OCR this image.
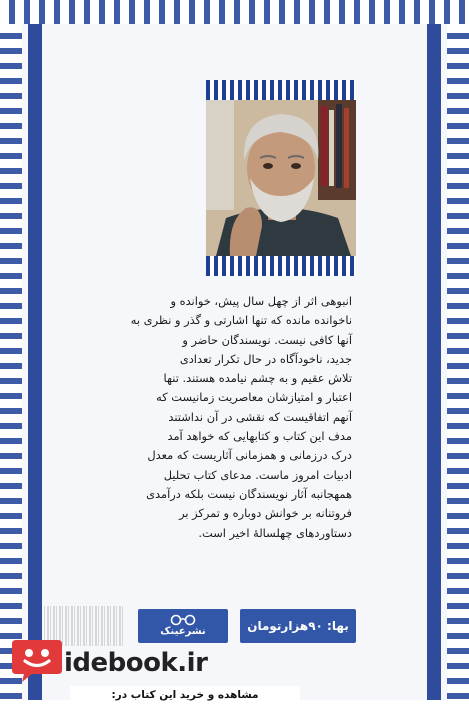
انبوهی اثر از چهل سال پیش، خوانده و
ناخوانده مانده که تنها اشارتی و گذر و نظری به
آنها کافی نیست. نویسندگان حاضر و
جدید، ناخودآگاه در حال تکرار تعدادی
تلاش عقیم و به چشم نیامده هستند. تنها
اعتبار و امتیازشان معاصریت زمانیست که
آنهم اتفاقیست که نقشی در آن نداشتند
مدف این کتاب و کتابهایی که خواهد آمد
درک درزمانی و همزمانی آثاریست که معدل
ادبیات امروز ماست. مدعای کتاب تحلیل
همهجانبه آثار نویسندگان نیست بلکه درآمدی
فروتنانه بر خوانش دوباره و تمرکز بر
دستاوردهای چهلسالهٔ اخیر است.
بها: ۹۰هزارتومان
نشرعینک
idebook.ir
مشاهده و خرید این کتاب در:
